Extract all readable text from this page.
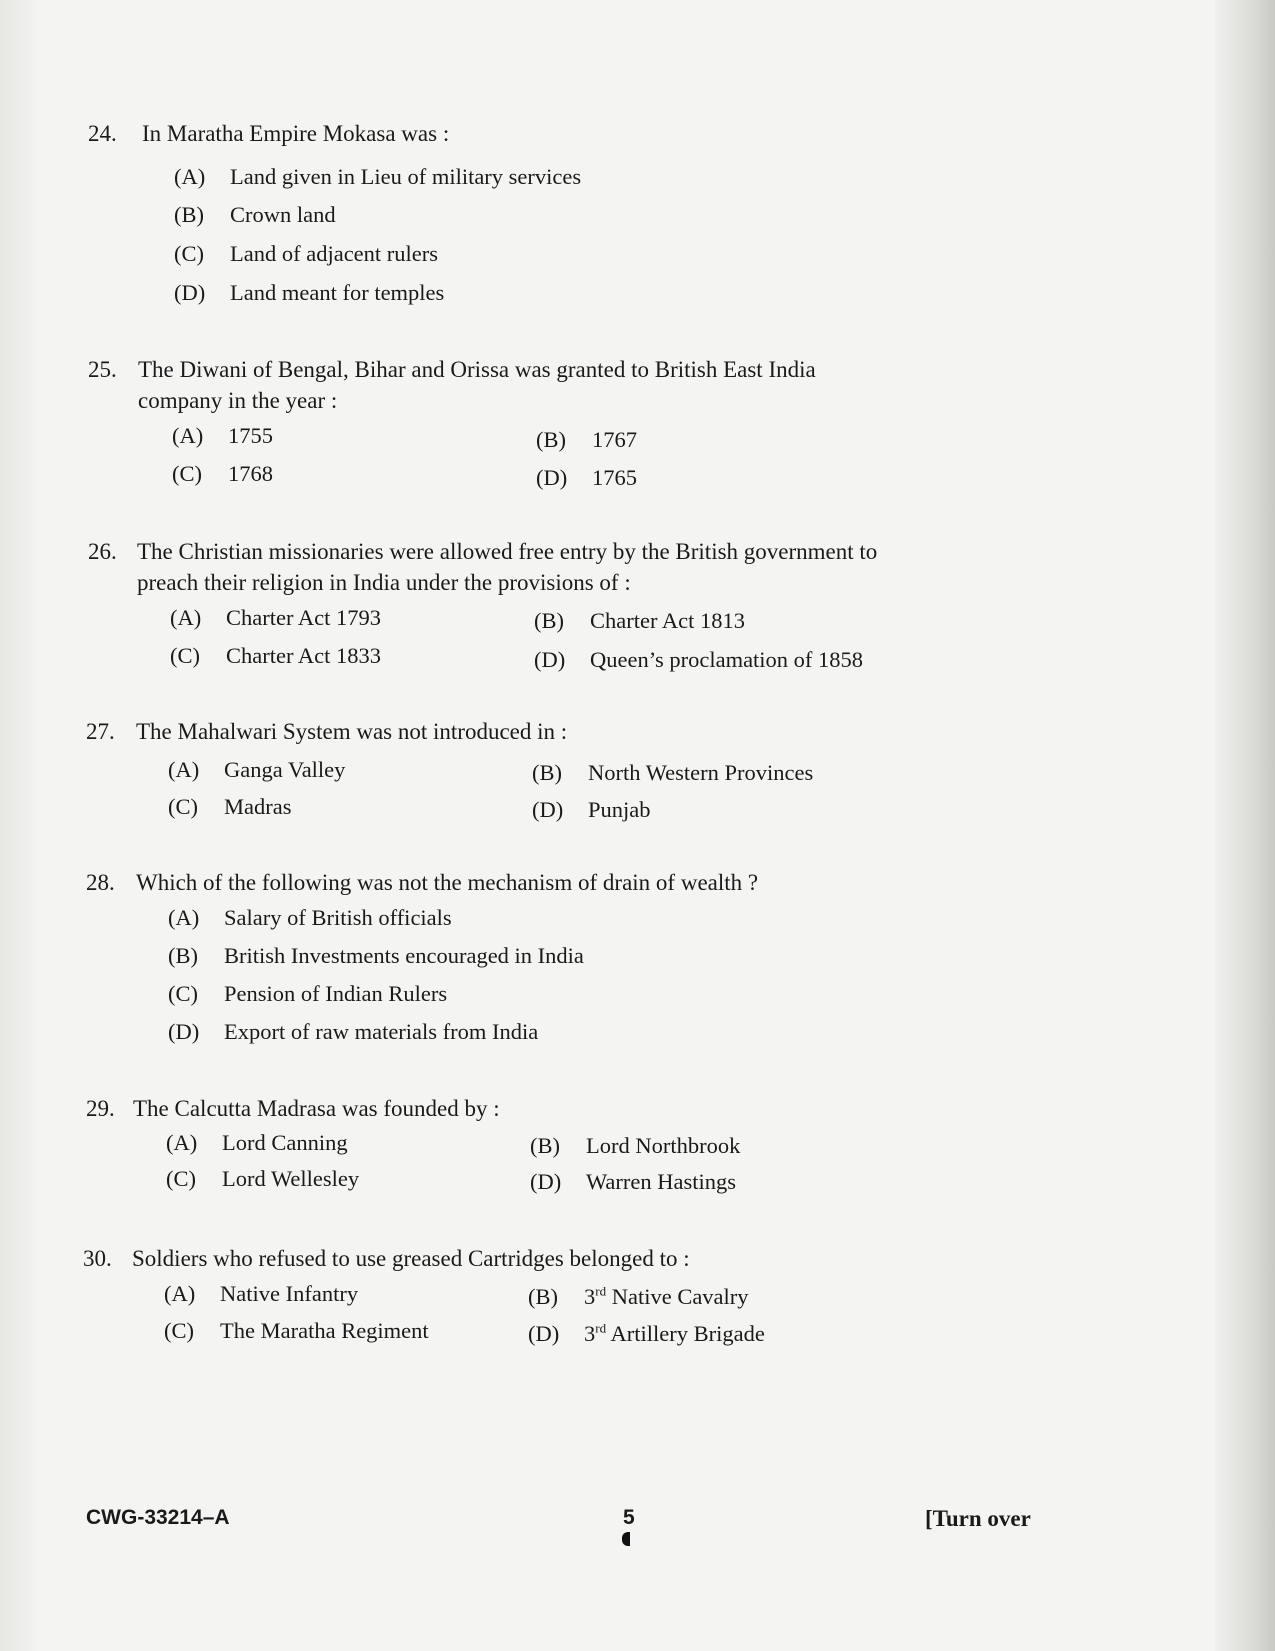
24. In Maratha Empire Mokasa was :
(A) Land given in Lieu of military services
(B) Crown land
(C) Land of adjacent rulers
(D) Land meant for temples
25. The Diwani of Bengal, Bihar and Orissa was granted to British East India
company in the year :
(A) 1755	(B) 1767
(C) 1768	(D) 1765
26. The Christian missionaries were allowed free entry by the British government to
preach their religion in India under the provisions of :
(A) Charter Act 1793	(B) Charter Act 1813
(C) Charter Act 1833	(D) Queen’s proclamation of 1858
27. The Mahalwari System was not introduced in :
(A) Ganga Valley	(B) North Western Provinces
(C) Madras	(D) Punjab
28. Which of the following was not the mechanism of drain of wealth ?
(A) Salary of British officials
(B) British Investments encouraged in India
(C) Pension of Indian Rulers
(D) Export of raw materials from India
29. The Calcutta Madrasa was founded by :
(A) Lord Canning	(B) Lord Northbrook
(C) Lord Wellesley	(D) Warren Hastings
30. Soldiers who refused to use greased Cartridges belonged to :
(A) Native Infantry	(B) 3rd Native Cavalry
(C) The Maratha Regiment	(D) 3rd Artillery Brigade
CWG-33214–A	5	[Turn over
